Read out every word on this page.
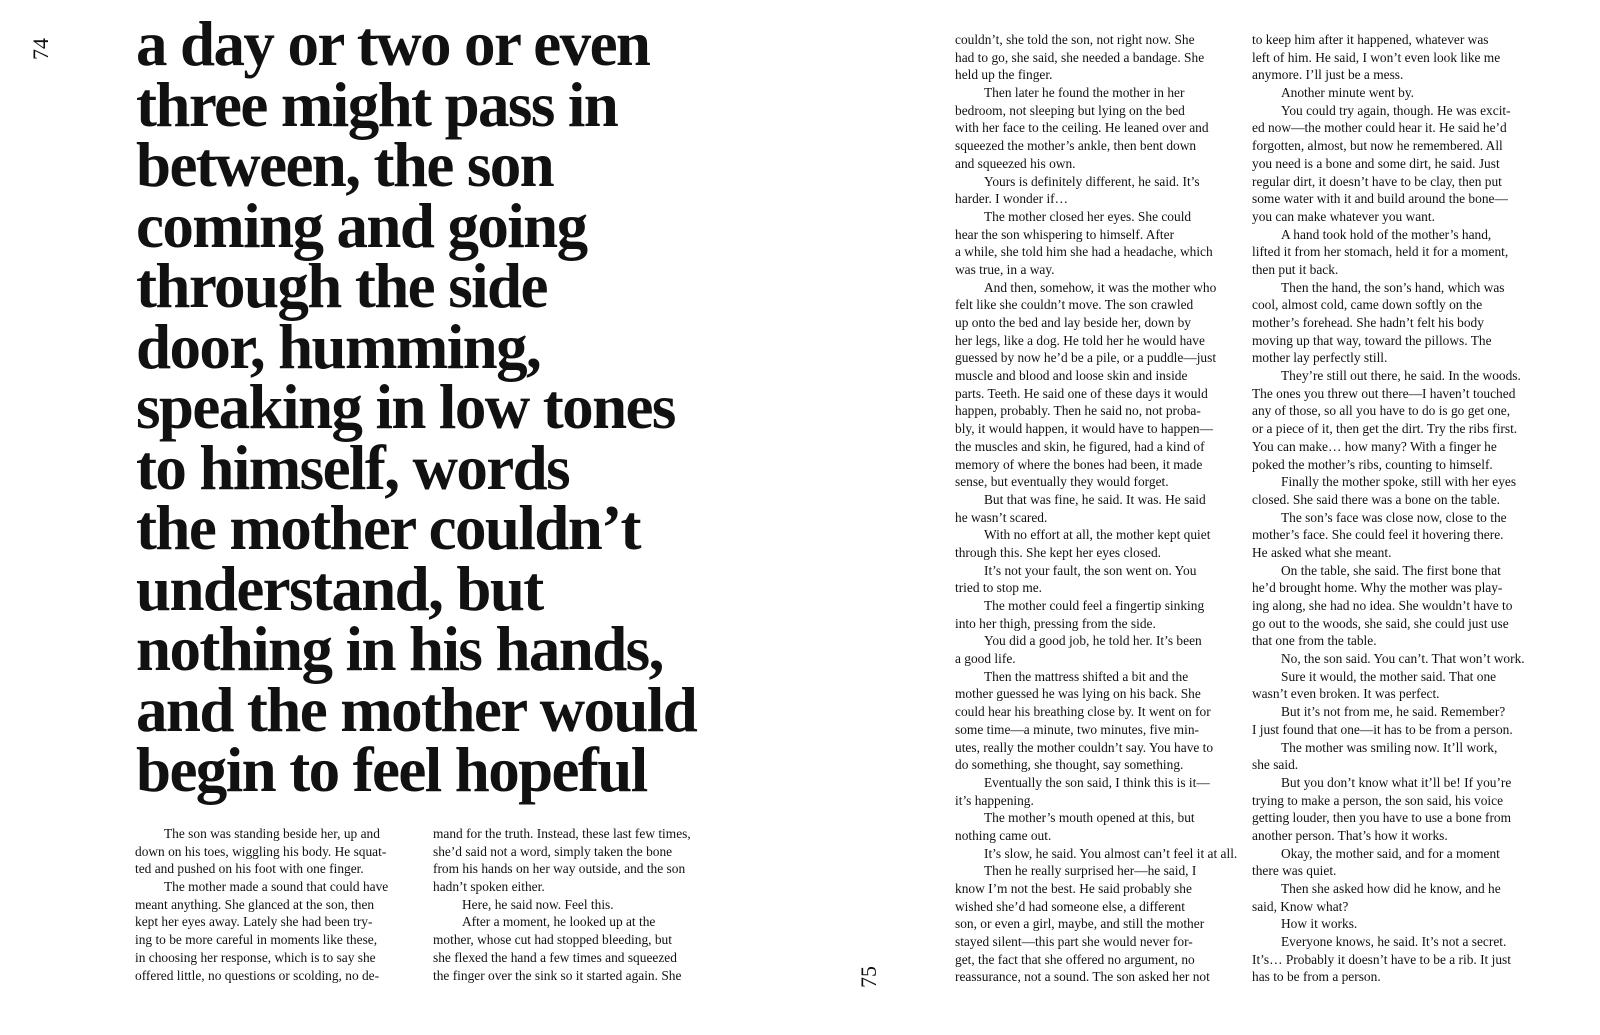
74
75
a day or two or even
three might pass in
between, the son
coming and going
through the side
door, humming,
speaking in low tones
to himself, words
the mother couldn’t
understand, but
nothing in his hands,
and the mother would
begin to feel hopeful
The son was standing beside her, up and
down on his toes, wiggling his body. He squat-
ted and pushed on his foot with one finger.
The mother made a sound that could have
meant anything. She glanced at the son, then
kept her eyes away. Lately she had been try-
ing to be more careful in moments like these,
in choosing her response, which is to say she
offered little, no questions or scolding, no de-
mand for the truth. Instead, these last few times,
she’d said not a word, simply taken the bone
from his hands on her way outside, and the son
hadn’t spoken either.
Here, he said now. Feel this.
After a moment, he looked up at the
mother, whose cut had stopped bleeding, but
she flexed the hand a few times and squeezed
the finger over the sink so it started again. She
couldn’t, she told the son, not right now. She
had to go, she said, she needed a bandage. She
held up the finger.
Then later he found the mother in her
bedroom, not sleeping but lying on the bed
with her face to the ceiling. He leaned over and
squeezed the mother’s ankle, then bent down
and squeezed his own.
Yours is definitely different, he said. It’s
harder. I wonder if…
The mother closed her eyes. She could
hear the son whispering to himself. After
a while, she told him she had a headache, which
was true, in a way.
And then, somehow, it was the mother who
felt like she couldn’t move. The son crawled
up onto the bed and lay beside her, down by
her legs, like a dog. He told her he would have
guessed by now he’d be a pile, or a puddle—just
muscle and blood and loose skin and inside
parts. Teeth. He said one of these days it would
happen, probably. Then he said no, not proba-
bly, it would happen, it would have to happen—
the muscles and skin, he figured, had a kind of
memory of where the bones had been, it made
sense, but eventually they would forget.
But that was fine, he said. It was. He said
he wasn’t scared.
With no effort at all, the mother kept quiet
through this. She kept her eyes closed.
It’s not your fault, the son went on. You
tried to stop me.
The mother could feel a fingertip sinking
into her thigh, pressing from the side.
You did a good job, he told her. It’s been
a good life.
Then the mattress shifted a bit and the
mother guessed he was lying on his back. She
could hear his breathing close by. It went on for
some time—a minute, two minutes, five min-
utes, really the mother couldn’t say. You have to
do something, she thought, say something.
Eventually the son said, I think this is it—
it’s happening.
The mother’s mouth opened at this, but
nothing came out.
It’s slow, he said. You almost can’t feel it at all.
Then he really surprised her—he said, I
know I’m not the best. He said probably she
wished she’d had someone else, a different
son, or even a girl, maybe, and still the mother
stayed silent—this part she would never for-
get, the fact that she offered no argument, no
reassurance, not a sound. The son asked her not
to keep him after it happened, whatever was
left of him. He said, I won’t even look like me
anymore. I’ll just be a mess.
Another minute went by.
You could try again, though. He was excit-
ed now—the mother could hear it. He said he’d
forgotten, almost, but now he remembered. All
you need is a bone and some dirt, he said. Just
regular dirt, it doesn’t have to be clay, then put
some water with it and build around the bone—
you can make whatever you want.
A hand took hold of the mother’s hand,
lifted it from her stomach, held it for a moment,
then put it back.
Then the hand, the son’s hand, which was
cool, almost cold, came down softly on the
mother’s forehead. She hadn’t felt his body
moving up that way, toward the pillows. The
mother lay perfectly still.
They’re still out there, he said. In the woods.
The ones you threw out there—I haven’t touched
any of those, so all you have to do is go get one,
or a piece of it, then get the dirt. Try the ribs first.
You can make… how many? With a finger he
poked the mother’s ribs, counting to himself.
Finally the mother spoke, still with her eyes
closed. She said there was a bone on the table.
The son’s face was close now, close to the
mother’s face. She could feel it hovering there.
He asked what she meant.
On the table, she said. The first bone that
he’d brought home. Why the mother was play-
ing along, she had no idea. She wouldn’t have to
go out to the woods, she said, she could just use
that one from the table.
No, the son said. You can’t. That won’t work.
Sure it would, the mother said. That one
wasn’t even broken. It was perfect.
But it’s not from me, he said. Remember?
I just found that one—it has to be from a person.
The mother was smiling now. It’ll work,
she said.
But you don’t know what it’ll be! If you’re
trying to make a person, the son said, his voice
getting louder, then you have to use a bone from
another person. That’s how it works.
Okay, the mother said, and for a moment
there was quiet.
Then she asked how did he know, and he
said, Know what?
How it works.
Everyone knows, he said. It’s not a secret.
It’s… Probably it doesn’t have to be a rib. It just
has to be from a person.
